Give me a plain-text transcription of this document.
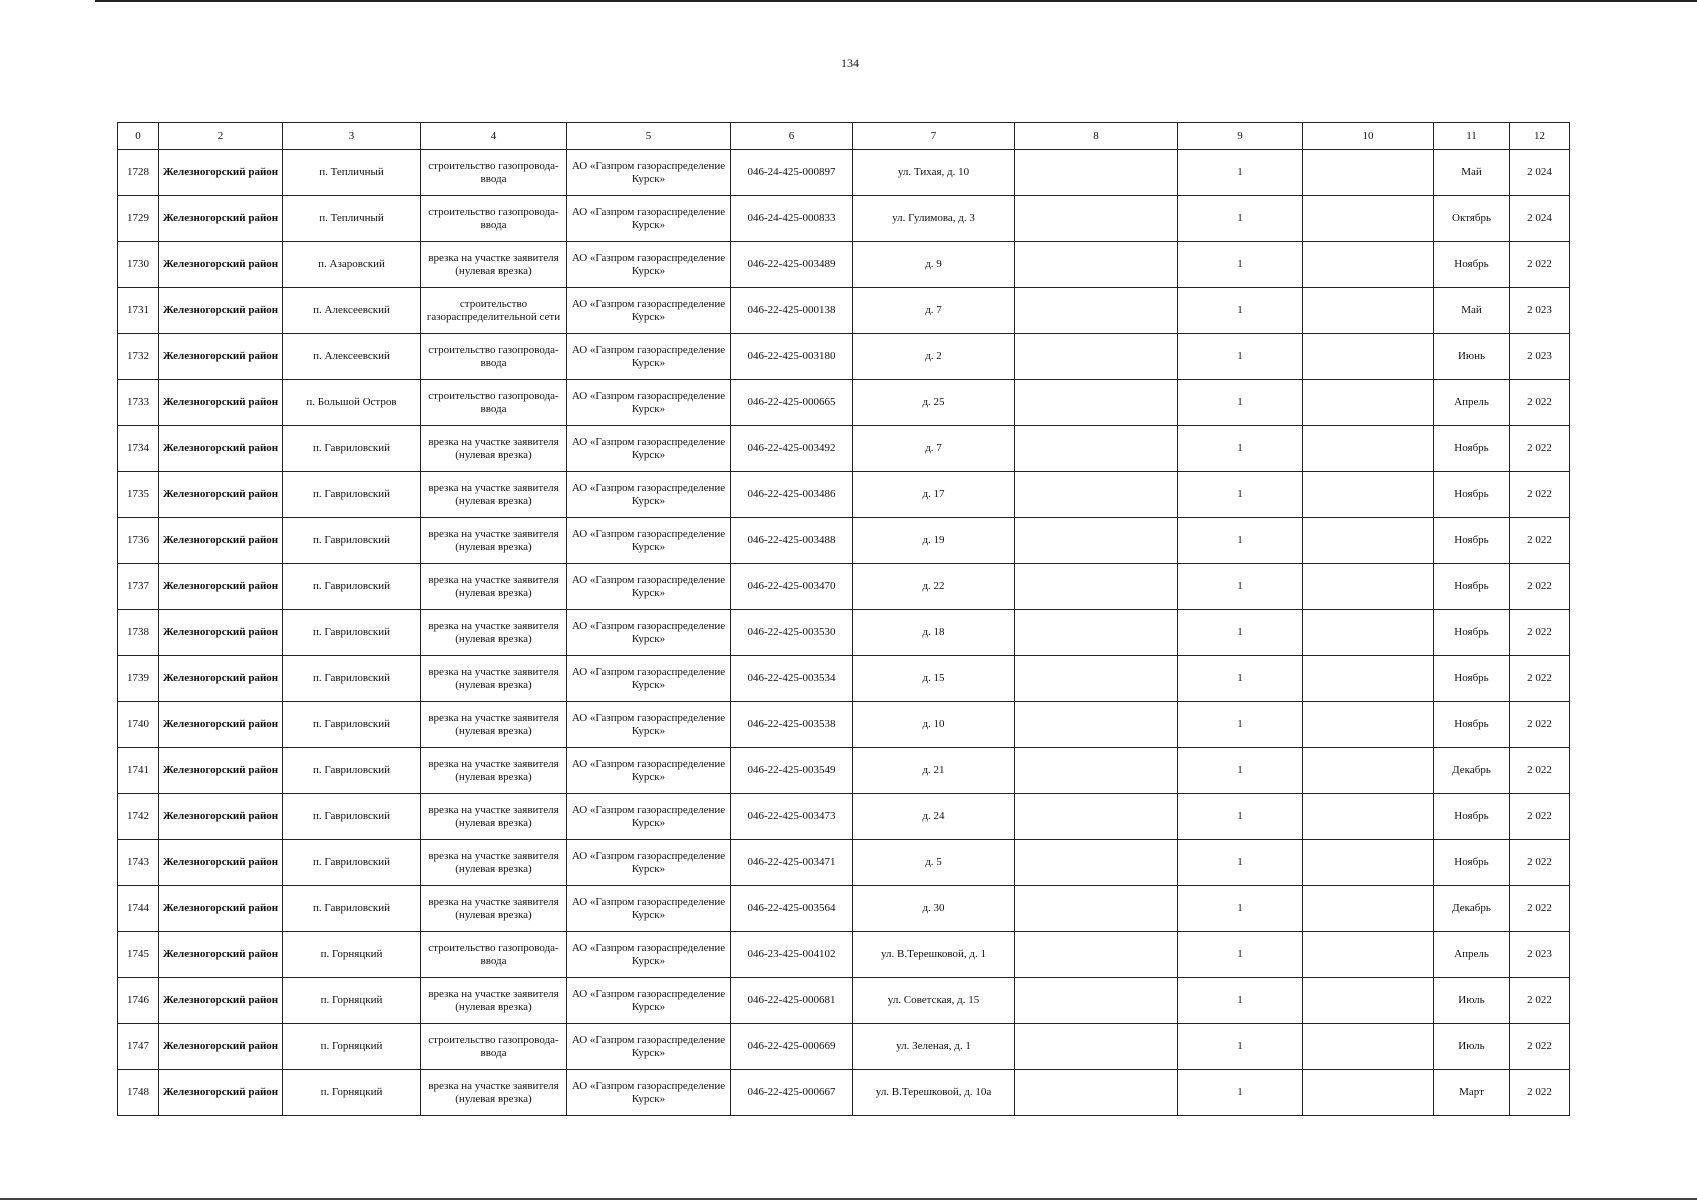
134
0	2	3	4	5	6	7	8	9	10	11	12
1728	Железногорский район	п. Тепличный	строительство газопровода-ввода	АО «Газпром газораспределение Курск»	046-24-425-000897	ул. Тихая, д. 10		1		Май	2 024
1729	Железногорский район	п. Тепличный	строительство газопровода-ввода	АО «Газпром газораспределение Курск»	046-24-425-000833	ул. Гулимова, д. 3		1		Октябрь	2 024
1730	Железногорский район	п. Азаровский	врезка на участке заявителя (нулевая врезка)	АО «Газпром газораспределение Курск»	046-22-425-003489	д. 9		1		Ноябрь	2 022
1731	Железногорский район	п. Алексеевский	строительство газораспределительной сети	АО «Газпром газораспределение Курск»	046-22-425-000138	д. 7		1		Май	2 023
1732	Железногорский район	п. Алексеевский	строительство газопровода-ввода	АО «Газпром газораспределение Курск»	046-22-425-003180	д. 2		1		Июнь	2 023
1733	Железногорский район	п. Большой Остров	строительство газопровода-ввода	АО «Газпром газораспределение Курск»	046-22-425-000665	д. 25		1		Апрель	2 022
1734	Железногорский район	п. Гавриловский	врезка на участке заявителя (нулевая врезка)	АО «Газпром газораспределение Курск»	046-22-425-003492	д. 7		1		Ноябрь	2 022
1735	Железногорский район	п. Гавриловский	врезка на участке заявителя (нулевая врезка)	АО «Газпром газораспределение Курск»	046-22-425-003486	д. 17		1		Ноябрь	2 022
1736	Железногорский район	п. Гавриловский	врезка на участке заявителя (нулевая врезка)	АО «Газпром газораспределение Курск»	046-22-425-003488	д. 19		1		Ноябрь	2 022
1737	Железногорский район	п. Гавриловский	врезка на участке заявителя (нулевая врезка)	АО «Газпром газораспределение Курск»	046-22-425-003470	д. 22		1		Ноябрь	2 022
1738	Железногорский район	п. Гавриловский	врезка на участке заявителя (нулевая врезка)	АО «Газпром газораспределение Курск»	046-22-425-003530	д. 18		1		Ноябрь	2 022
1739	Железногорский район	п. Гавриловский	врезка на участке заявителя (нулевая врезка)	АО «Газпром газораспределение Курск»	046-22-425-003534	д. 15		1		Ноябрь	2 022
1740	Железногорский район	п. Гавриловский	врезка на участке заявителя (нулевая врезка)	АО «Газпром газораспределение Курск»	046-22-425-003538	д. 10		1		Ноябрь	2 022
1741	Железногорский район	п. Гавриловский	врезка на участке заявителя (нулевая врезка)	АО «Газпром газораспределение Курск»	046-22-425-003549	д. 21		1		Декабрь	2 022
1742	Железногорский район	п. Гавриловский	врезка на участке заявителя (нулевая врезка)	АО «Газпром газораспределение Курск»	046-22-425-003473	д. 24		1		Ноябрь	2 022
1743	Железногорский район	п. Гавриловский	врезка на участке заявителя (нулевая врезка)	АО «Газпром газораспределение Курск»	046-22-425-003471	д. 5		1		Ноябрь	2 022
1744	Железногорский район	п. Гавриловский	врезка на участке заявителя (нулевая врезка)	АО «Газпром газораспределение Курск»	046-22-425-003564	д. 30		1		Декабрь	2 022
1745	Железногорский район	п. Горняцкий	строительство газопровода-ввода	АО «Газпром газораспределение Курск»	046-23-425-004102	ул. В.Терешковой, д. 1		1		Апрель	2 023
1746	Железногорский район	п. Горняцкий	врезка на участке заявителя (нулевая врезка)	АО «Газпром газораспределение Курск»	046-22-425-000681	ул. Советская, д. 15		1		Июль	2 022
1747	Железногорский район	п. Горняцкий	строительство газопровода-ввода	АО «Газпром газораспределение Курск»	046-22-425-000669	ул. Зеленая, д. 1		1		Июль	2 022
1748	Железногорский район	п. Горняцкий	врезка на участке заявителя (нулевая врезка)	АО «Газпром газораспределение Курск»	046-22-425-000667	ул. В.Терешковой, д. 10а		1		Март	2 022
